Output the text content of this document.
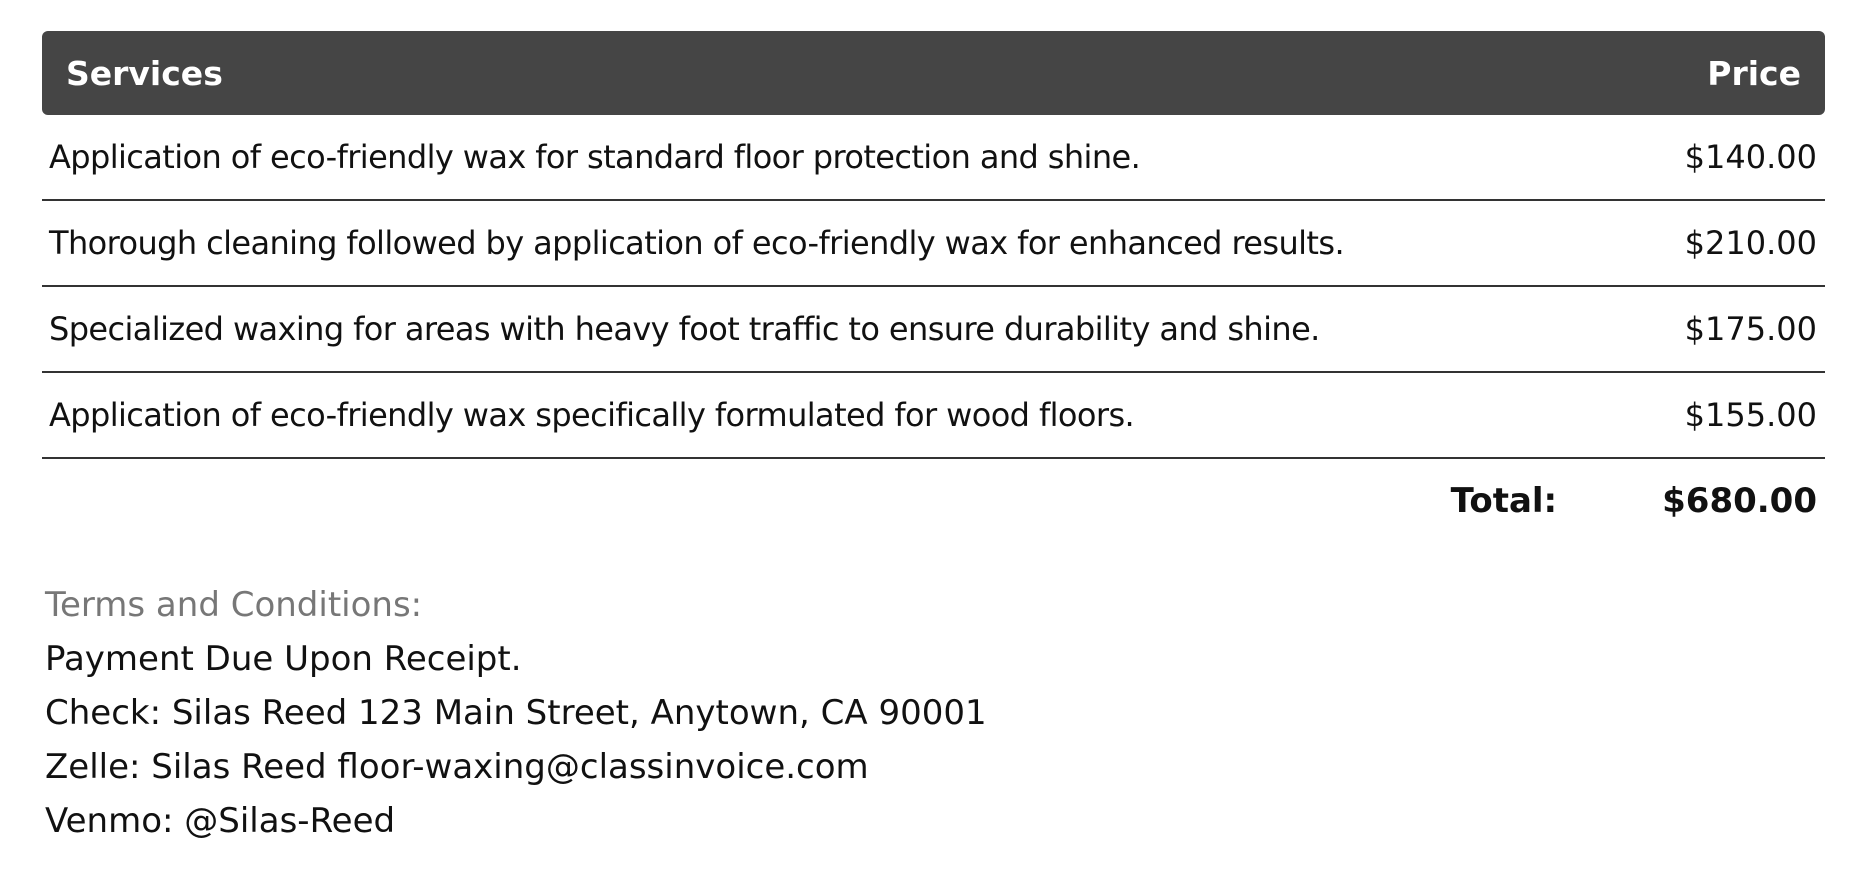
Services	Price
Application of eco-friendly wax for standard floor protection and shine.	$140.00
Thorough cleaning followed by application of eco-friendly wax for enhanced results.	$210.00
Specialized waxing for areas with heavy foot traffic to ensure durability and shine.	$175.00
Application of eco-friendly wax specifically formulated for wood floors.	$155.00
Total:	$680.00
Terms and Conditions:
Payment Due Upon Receipt.
Check: Silas Reed 123 Main Street, Anytown, CA 90001
Zelle: Silas Reed floor-waxing@classinvoice.com
Venmo: @Silas-Reed
